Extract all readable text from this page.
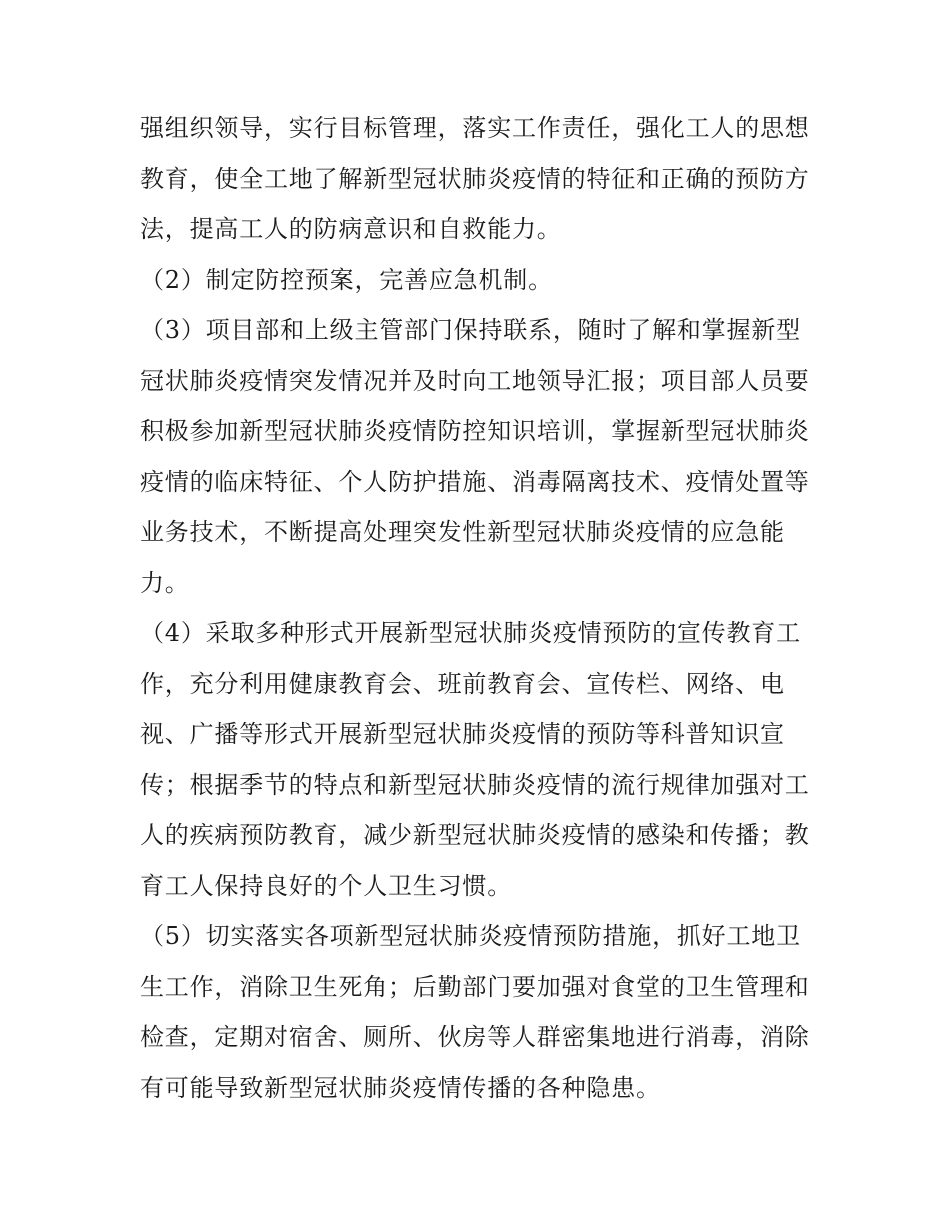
强组织领导，实行目标管理，落实工作责任，强化工人的思想教育，使全工地了解新型冠状肺炎疫情的特征和正确的预防方法，提高工人的防病意识和自救能力。

（2）制定防控预案，完善应急机制。

（3）项目部和上级主管部门保持联系，随时了解和掌握新型冠状肺炎疫情突发情况并及时向工地领导汇报；项目部人员要积极参加新型冠状肺炎疫情防控知识培训，掌握新型冠状肺炎疫情的临床特征、个人防护措施、消毒隔离技术、疫情处置等业务技术，不断提高处理突发性新型冠状肺炎疫情的应急能力。

（4）采取多种形式开展新型冠状肺炎疫情预防的宣传教育工作，充分利用健康教育会、班前教育会、宣传栏、网络、电视、广播等形式开展新型冠状肺炎疫情的预防等科普知识宣传；根据季节的特点和新型冠状肺炎疫情的流行规律加强对工人的疾病预防教育，减少新型冠状肺炎疫情的感染和传播；教育工人保持良好的个人卫生习惯。

（5）切实落实各项新型冠状肺炎疫情预防措施，抓好工地卫生工作，消除卫生死角；后勤部门要加强对食堂的卫生管理和检查，定期对宿舍、厕所、伙房等人群密集地进行消毒，消除有可能导致新型冠状肺炎疫情传播的各种隐患。
